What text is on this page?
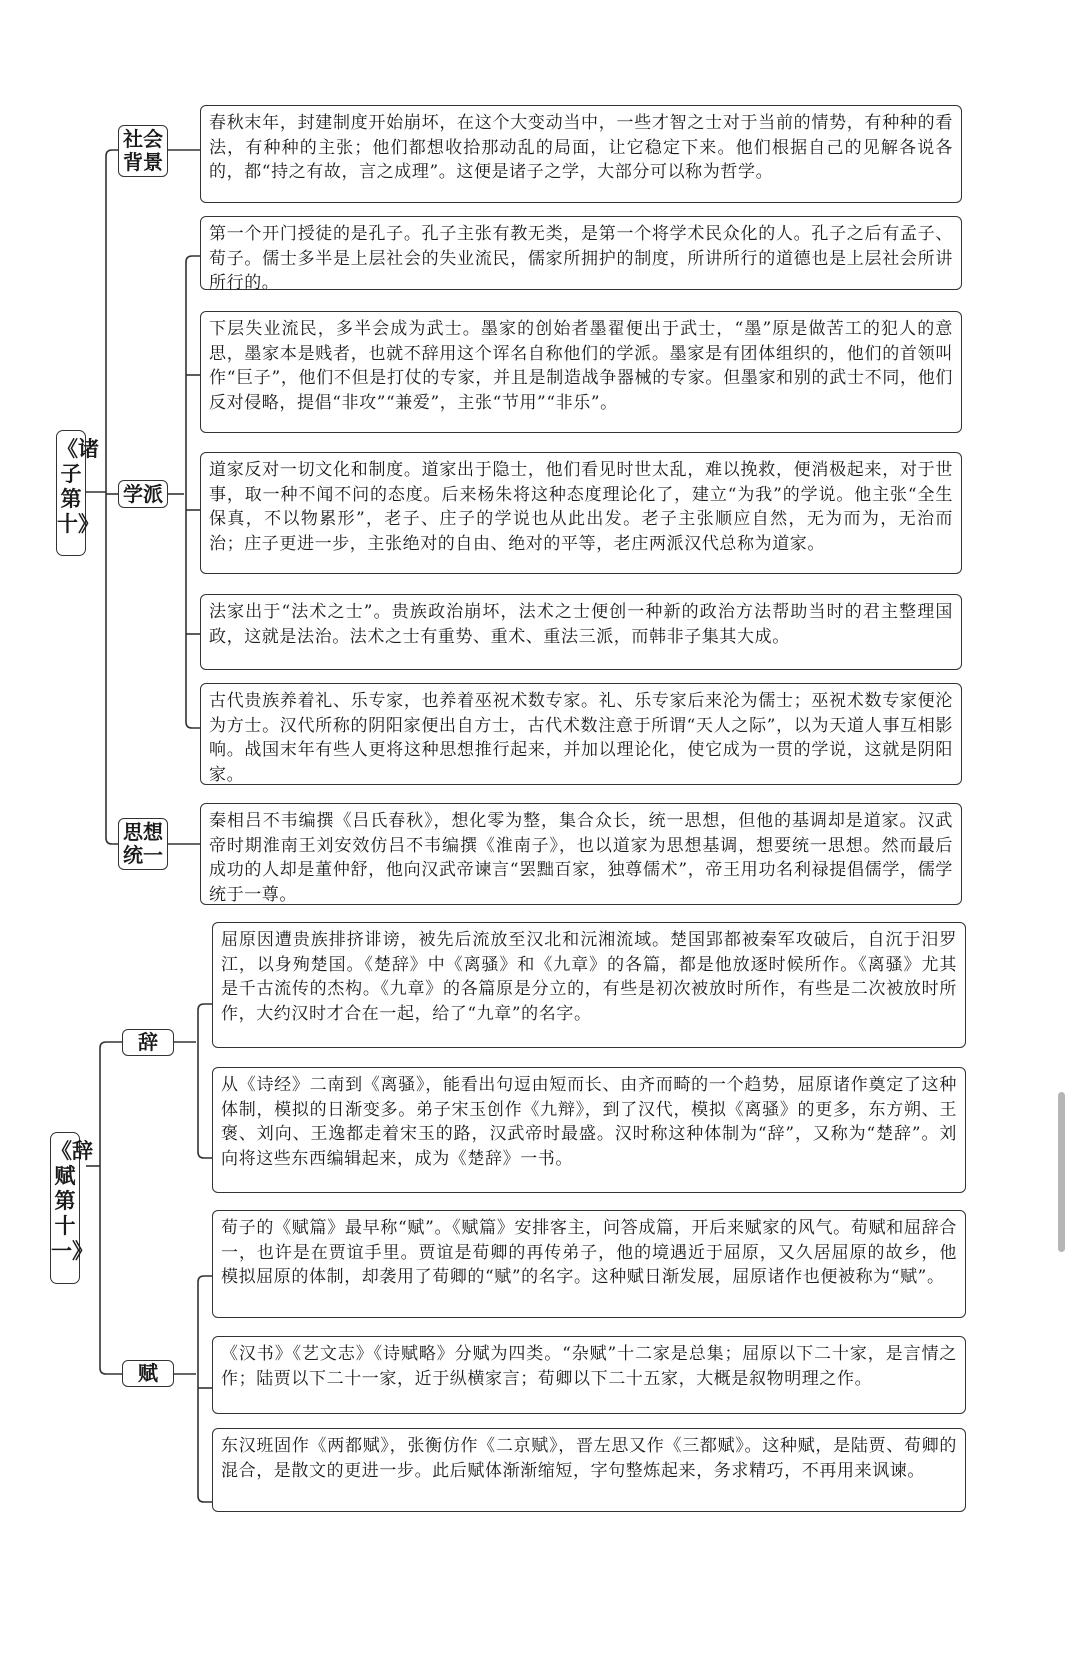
《诸子第十》
社会背景
学派
思想统一
春秋末年，封建制度开始崩坏，在这个大变动当中，一些才智之士对于当前的情势，有种种的看法，有种种的主张；他们都想收拾那动乱的局面，让它稳定下来。他们根据自己的见解各说各的，都“持之有故，言之成理”。这便是诸子之学，大部分可以称为哲学。
第一个开门授徒的是孔子。孔子主张有教无类，是第一个将学术民众化的人。孔子之后有孟子、荀子。儒士多半是上层社会的失业流民，儒家所拥护的制度，所讲所行的道德也是上层社会所讲所行的。
下层失业流民，多半会成为武士。墨家的创始者墨翟便出于武士，“墨”原是做苦工的犯人的意思，墨家本是贱者，也就不辞用这个诨名自称他们的学派。墨家是有团体组织的，他们的首领叫作“巨子”，他们不但是打仗的专家，并且是制造战争器械的专家。但墨家和别的武士不同，他们反对侵略，提倡“非攻”“兼爱”，主张“节用”“非乐”。
道家反对一切文化和制度。道家出于隐士，他们看见时世太乱，难以挽救，便消极起来，对于世事，取一种不闻不问的态度。后来杨朱将这种态度理论化了，建立“为我”的学说。他主张“全生保真，不以物累形”，老子、庄子的学说也从此出发。老子主张顺应自然，无为而为，无治而治；庄子更进一步，主张绝对的自由、绝对的平等，老庄两派汉代总称为道家。
法家出于“法术之士”。贵族政治崩坏，法术之士便创一种新的政治方法帮助当时的君主整理国政，这就是法治。法术之士有重势、重术、重法三派，而韩非子集其大成。
古代贵族养着礼、乐专家，也养着巫祝术数专家。礼、乐专家后来沦为儒士；巫祝术数专家便沦为方士。汉代所称的阴阳家便出自方士，古代术数注意于所谓“天人之际”，以为天道人事互相影响。战国末年有些人更将这种思想推行起来，并加以理论化，使它成为一贯的学说，这就是阴阳家。
秦相吕不韦编撰《吕氏春秋》，想化零为整，集合众长，统一思想，但他的基调却是道家。汉武帝时期淮南王刘安效仿吕不韦编撰《淮南子》，也以道家为思想基调，想要统一思想。然而最后成功的人却是董仲舒，他向汉武帝谏言“罢黜百家，独尊儒术”，帝王用功名利禄提倡儒学，儒学统于一尊。
《辞赋第十一》
辞
赋
屈原因遭贵族排挤诽谤，被先后流放至汉北和沅湘流域。楚国郢都被秦军攻破后，自沉于汨罗江，以身殉楚国。《楚辞》中《离骚》和《九章》的各篇，都是他放逐时候所作。《离骚》尤其是千古流传的杰构。《九章》的各篇原是分立的，有些是初次被放时所作，有些是二次被放时所作，大约汉时才合在一起，给了“九章”的名字。
从《诗经》二南到《离骚》，能看出句逗由短而长、由齐而畸的一个趋势，屈原诸作奠定了这种体制，模拟的日渐变多。弟子宋玉创作《九辩》，到了汉代，模拟《离骚》的更多，东方朔、王褒、刘向、王逸都走着宋玉的路，汉武帝时最盛。汉时称这种体制为“辞”，又称为“楚辞”。刘向将这些东西编辑起来，成为《楚辞》一书。
荀子的《赋篇》最早称“赋”。《赋篇》安排客主，问答成篇，开后来赋家的风气。荀赋和屈辞合一，也许是在贾谊手里。贾谊是荀卿的再传弟子，他的境遇近于屈原，又久居屈原的故乡，他模拟屈原的体制，却袭用了荀卿的“赋”的名字。这种赋日渐发展，屈原诸作也便被称为“赋”。
《汉书》《艺文志》《诗赋略》分赋为四类。“杂赋”十二家是总集；屈原以下二十家，是言情之作；陆贾以下二十一家，近于纵横家言；荀卿以下二十五家，大概是叙物明理之作。
东汉班固作《两都赋》，张衡仿作《二京赋》，晋左思又作《三都赋》。这种赋，是陆贾、荀卿的混合，是散文的更进一步。此后赋体渐渐缩短，字句整炼起来，务求精巧，不再用来讽谏。
